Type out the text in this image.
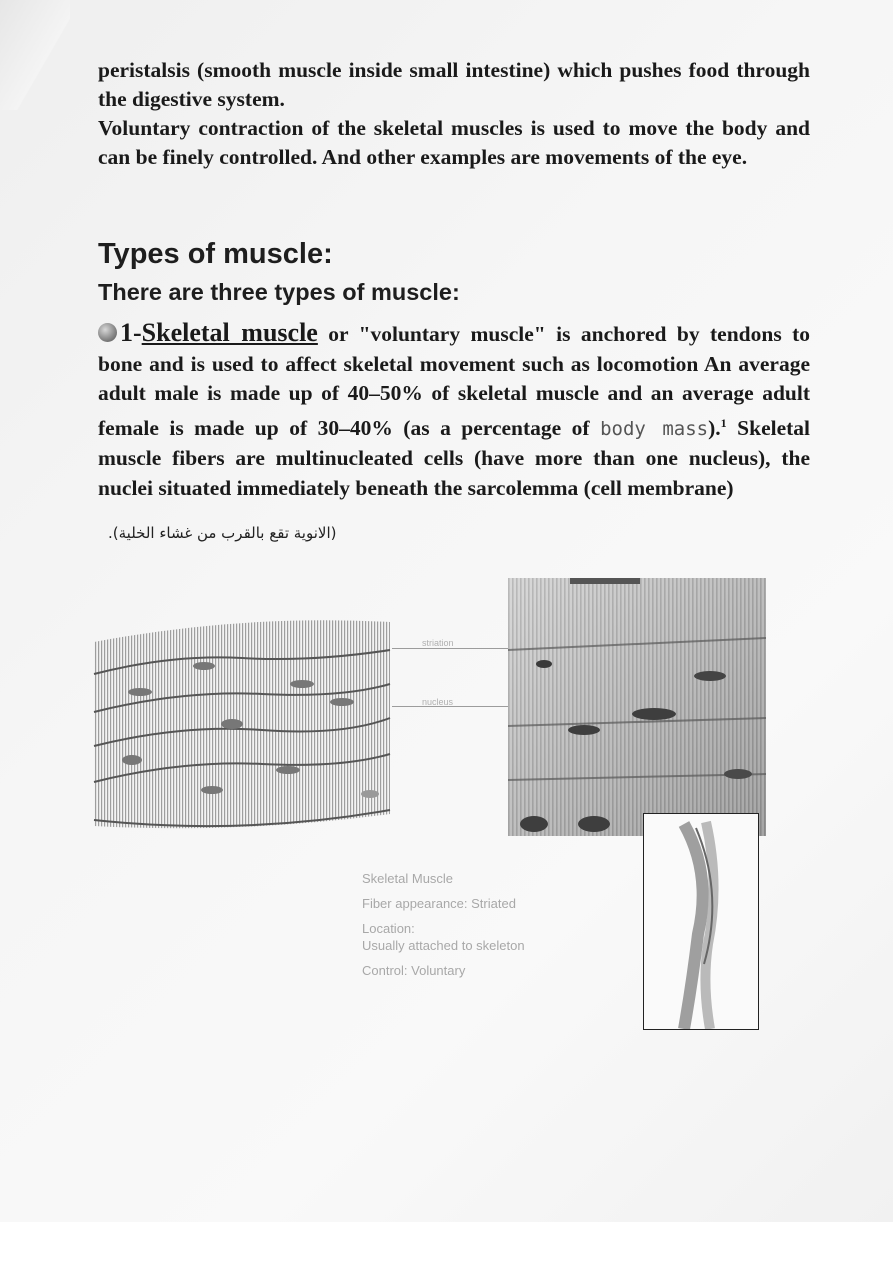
peristalsis (smooth muscle inside small intestine) which pushes food through the digestive system.

Voluntary contraction of the skeletal muscles is used to move the body and can be finely controlled. And other examples are movements of the eye.

Types of muscle:
There are three types of muscle:

1-Skeletal muscle or "voluntary muscle" is anchored by tendons to bone and is used to affect skeletal movement such as locomotion An average adult male is made up of 40–50% of skeletal muscle and an average adult female is made up of 30–40% (as a percentage of body mass).$^1$ Skeletal muscle fibers are multinucleated cells (have more than one nucleus), the nuclei situated immediately beneath the sarcolemma (cell membrane)

(الانوية تقع بالقرب من غشاء الخلية).

striation
nucleus
Skeletal Muscle
Fiber appearance: Striated
Location:
Usually attached to skeleton
Control: Voluntary
